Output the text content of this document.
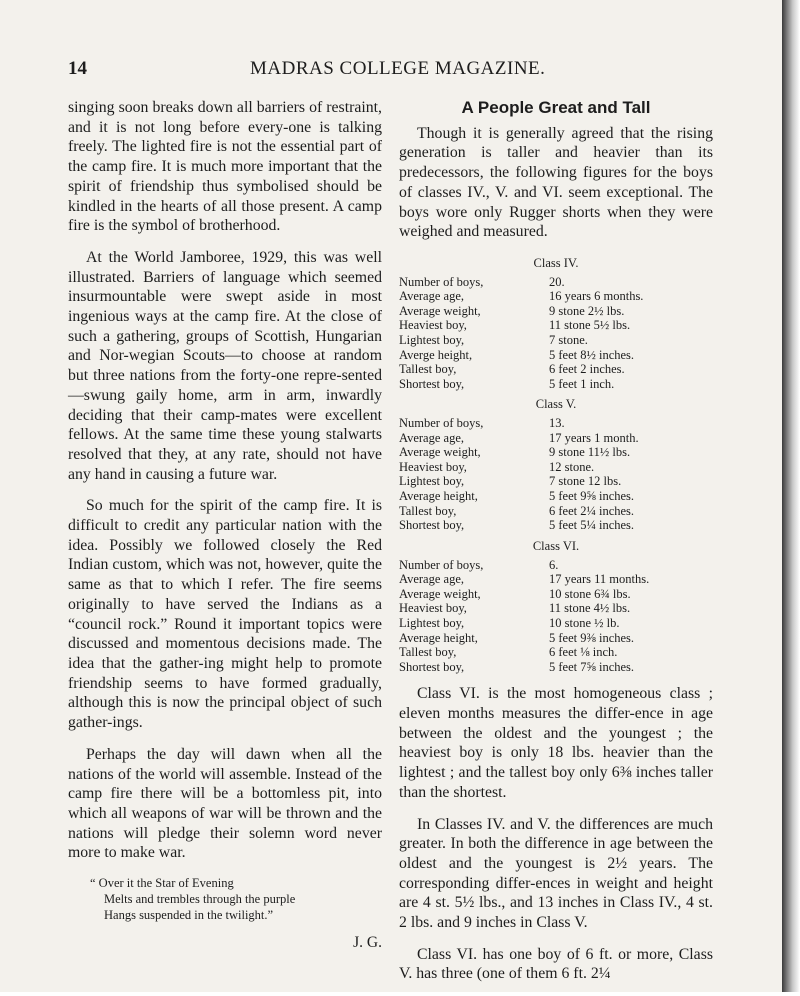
14	MADRAS COLLEGE MAGAZINE.

singing soon breaks down all barriers of restraint, and it is not long before every-one is talking freely. The lighted fire is not the essential part of the camp fire. It is much more important that the spirit of friendship thus symbolised should be kindled in the hearts of all those present. A camp fire is the symbol of brotherhood.

At the World Jamboree, 1929, this was well illustrated. Barriers of language which seemed insurmountable were swept aside in most ingenious ways at the camp fire. At the close of such a gathering, groups of Scottish, Hungarian and Nor-wegian Scouts—to choose at random but three nations from the forty-one repre-sented—swung gaily home, arm in arm, inwardly deciding that their camp-mates were excellent fellows. At the same time these young stalwarts resolved that they, at any rate, should not have any hand in causing a future war.

So much for the spirit of the camp fire. It is difficult to credit any particular nation with the idea. Possibly we followed closely the Red Indian custom, which was not, however, quite the same as that to which I refer. The fire seems originally to have served the Indians as a “council rock.” Round it important topics were discussed and momentous decisions made. The idea that the gather-ing might help to promote friendship seems to have formed gradually, although this is now the principal object of such gather-ings.

Perhaps the day will dawn when all the nations of the world will assemble. Instead of the camp fire there will be a bottomless pit, into which all weapons of war will be thrown and the nations will pledge their solemn word never more to make war.

“ Over it the Star of Evening
Melts and trembles through the purple
Hangs suspended in the twilight.”
J. G.
A People Great and Tall

Though it is generally agreed that the rising generation is taller and heavier than its predecessors, the following figures for the boys of classes IV., V. and VI. seem exceptional. The boys wore only Rugger shorts when they were weighed and measured.

Class IV.
Number of boys,	20.
Average age,	16 years 6 months.
Average weight,	9 stone 2½ lbs.
Heaviest boy,	11 stone 5½ lbs.
Lightest boy,	7 stone.
Averge height,	5 feet 8½ inches.
Tallest boy,	6 feet 2 inches.
Shortest boy,	5 feet 1 inch.
Class V.
Number of boys,	13.
Average age,	17 years 1 month.
Average weight,	9 stone 11½ lbs.
Heaviest boy,	12 stone.
Lightest boy,	7 stone 12 lbs.
Average height,	5 feet 9⅝ inches.
Tallest boy,	6 feet 2¼ inches.
Shortest boy,	5 feet 5¼ inches.
Class VI.
Number of boys,	6.
Average age,	17 years 11 months.
Average weight,	10 stone 6¾ lbs.
Heaviest boy,	11 stone 4½ lbs.
Lightest boy,	10 stone ½ lb.
Average height,	5 feet 9⅜ inches.
Tallest boy,	6 feet ⅛ inch.
Shortest boy,	5 feet 7⅝ inches.

Class VI. is the most homogeneous class ; eleven months measures the differ-ence in age between the oldest and the youngest ; the heaviest boy is only 18 lbs. heavier than the lightest ; and the tallest boy only 6⅜ inches taller than the shortest.

In Classes IV. and V. the differences are much greater. In both the difference in age between the oldest and the youngest is 2½ years. The corresponding differ-ences in weight and height are 4 st. 5½ lbs., and 13 inches in Class IV., 4 st. 2 lbs. and 9 inches in Class V.

Class VI. has one boy of 6 ft. or more, Class V. has three (one of them 6 ft. 2¼
